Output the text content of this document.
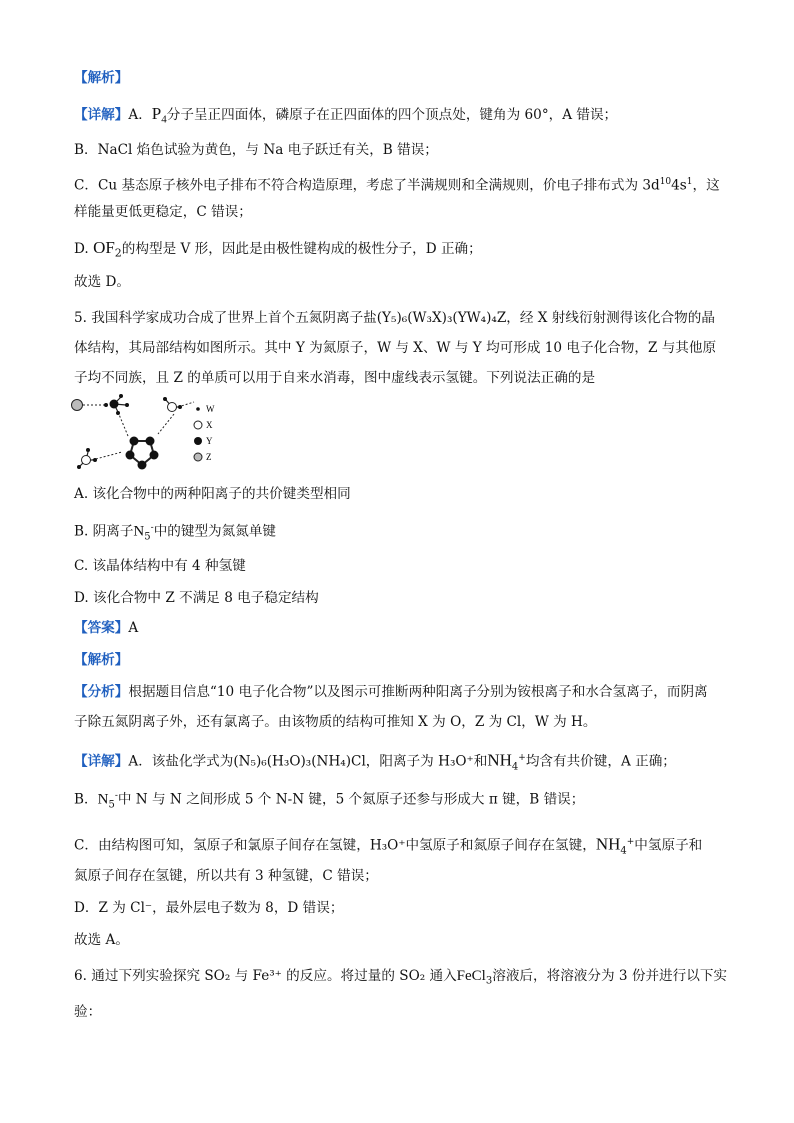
【解析】
【详解】A．$P_4$分子呈正四面体，磷原子在正四面体的四个顶点处，键角为 60°，A 错误；
B．NaCl 焰色试验为黄色，与 Na 电子跃迁有关，B 错误；
C．Cu 基态原子核外电子排布不符合构造原理，考虑了半满规则和全满规则，价电子排布式为 $3d^{10}4s^1$，这
样能量更低更稳定，C 错误；
D. $OF_2$的构型是 V 形，因此是由极性键构成的极性分子，D 正确；
故选 D。
5. 我国科学家成功合成了世界上首个五氮阴离子盐(Y₅)₆(W₃X)₃(YW₄)₄Z，经 X 射线衍射测得该化合物的晶
体结构，其局部结构如图所示。其中 Y 为氮原子，W 与 X、W 与 Y 均可形成 10 电子化合物，Z 与其他原
子均不同族，且 Z 的单质可以用于自来水消毒，图中虚线表示氢键。下列说法正确的是
W
X
Y
Z
A. 该化合物中的两种阳离子的共价键类型相同
B. 阴离子$N_5^-$中的键型为氮氮单键
C. 该晶体结构中有 4 种氢键
D. 该化合物中 Z 不满足 8 电子稳定结构
【答案】A
【解析】
【分析】根据题目信息“10 电子化合物”以及图示可推断两种阳离子分别为铵根离子和水合氢离子，而阴离
子除五氮阴离子外，还有氯离子。由该物质的结构可推知 X 为 O，Z 为 Cl，W 为 H。
【详解】A．该盐化学式为(N₅)₆(H₃O)₃(NH₄)Cl，阳离子为 H₃O⁺和$NH_4^+$均含有共价键，A 正确；
B．$N_5^-$中 N 与 N 之间形成 5 个 N-N 键，5 个氮原子还参与形成大 π 键，B 错误；
C．由结构图可知，氢原子和氯原子间存在氢键，H₃O⁺中氢原子和氮原子间存在氢键，$NH_4^+$中氢原子和
氮原子间存在氢键，所以共有 3 种氢键，C 错误；
D．Z 为 Cl⁻，最外层电子数为 8，D 错误；
故选 A。
6. 通过下列实验探究 SO₂ 与 Fe³⁺ 的反应。将过量的 SO₂ 通入FeCl$_3$溶液后，将溶液分为 3 份并进行以下实
验：
